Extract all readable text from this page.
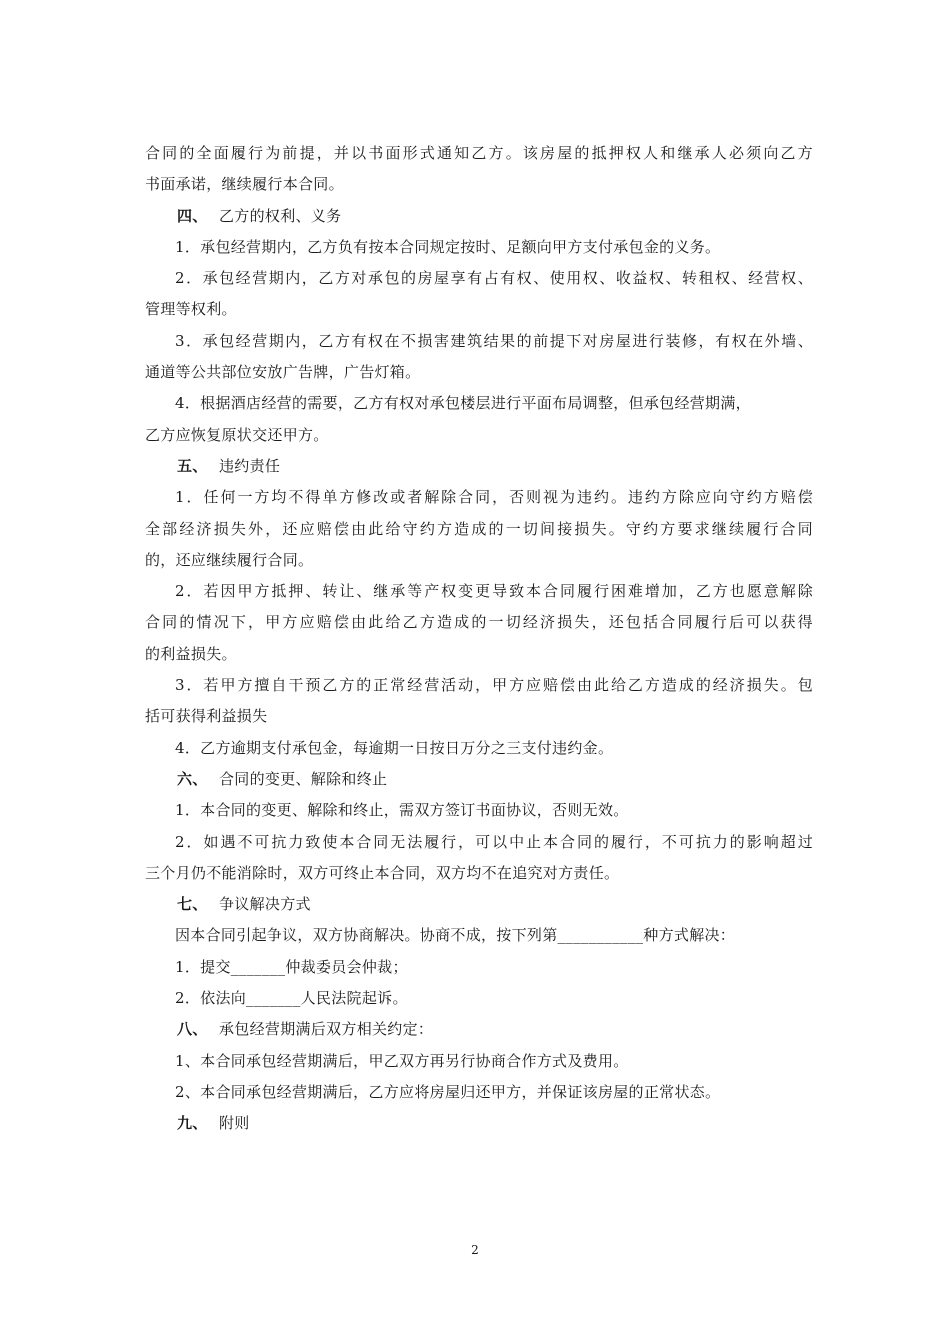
合同的全面履行为前提，并以书面形式通知乙方。该房屋的抵押权人和继承人必须向乙方
书面承诺，继续履行本合同。
四、 乙方的权利、义务
1．承包经营期内，乙方负有按本合同规定按时、足额向甲方支付承包金的义务。
2．承包经营期内，乙方对承包的房屋享有占有权、使用权、收益权、转租权、经营权、
管理等权利。
3．承包经营期内，乙方有权在不损害建筑结果的前提下对房屋进行装修，有权在外墙、
通道等公共部位安放广告牌，广告灯箱。
4．根据酒店经营的需要，乙方有权对承包楼层进行平面布局调整，但承包经营期满，
乙方应恢复原状交还甲方。
五、 违约责任
1．任何一方均不得单方修改或者解除合同，否则视为违约。违约方除应向守约方赔偿
全部经济损失外，还应赔偿由此给守约方造成的一切间接损失。守约方要求继续履行合同
的，还应继续履行合同。
2．若因甲方抵押、转让、继承等产权变更导致本合同履行困难增加，乙方也愿意解除
合同的情况下，甲方应赔偿由此给乙方造成的一切经济损失，还包括合同履行后可以获得
的利益损失。
3．若甲方擅自干预乙方的正常经营活动，甲方应赔偿由此给乙方造成的经济损失。包
括可获得利益损失
4．乙方逾期支付承包金，每逾期一日按日万分之三支付违约金。
六、 合同的变更、解除和终止
1．本合同的变更、解除和终止，需双方签订书面协议，否则无效。
2．如遇不可抗力致使本合同无法履行，可以中止本合同的履行，不可抗力的影响超过
三个月仍不能消除时，双方可终止本合同，双方均不在追究对方责任。
七、 争议解决方式
因本合同引起争议，双方协商解决。协商不成，按下列第___________种方式解决：
1．提交_______仲裁委员会仲裁；
2．依法向_______人民法院起诉。
八、 承包经营期满后双方相关约定：
1、本合同承包经营期满后，甲乙双方再另行协商合作方式及费用。
2、本合同承包经营期满后，乙方应将房屋归还甲方，并保证该房屋的正常状态。
九、 附则
2
